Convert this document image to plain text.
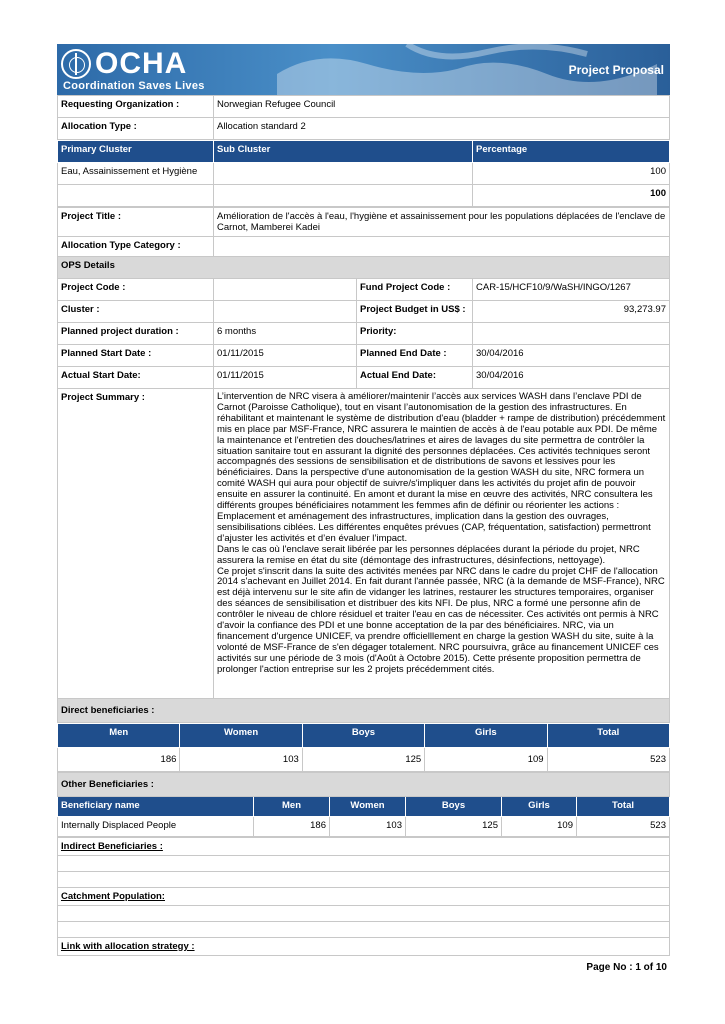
OCHA
Coordination Saves Lives
Project Proposal
Requesting Organization :	Norwegian Refugee Council
Allocation Type :	Allocation standard 2
Primary Cluster	Sub Cluster	Percentage
Eau, Assainissement et Hygiène		100
		100
Project Title :	Amélioration de l'accès à l'eau, l'hygiène et assainissement pour les populations déplacées de l'enclave de Carnot, Mamberei Kadei		
Allocation Type Category :			
OPS Details			
Project Code :		Fund Project Code :	CAR-15/HCF10/9/WaSH/INGO/1267
Cluster :		Project Budget in US$ :	93,273.97
Planned project duration :	6 months	Priority:	
Planned Start Date :	01/11/2015	Planned End Date :	30/04/2016
Actual Start Date:	01/11/2015	Actual End Date:	30/04/2016
Project Summary :	L’intervention de NRC visera à améliorer/maintenir l’accès aux services WASH dans l’enclave PDI de Carnot (Paroisse Catholique), tout en visant l’autonomisation de la gestion des infrastructures. En réhabilitant et maintenant le système de distribution d'eau (bladder + rampe de distribution) précédemment mis en place par MSF-France, NRC assurera le maintien de accès à de l'eau potable aux PDI. De même la maintenance et l'entretien des douches/latrines et aires de lavages du site permettra de contrôler la situation sanitaire tout en assurant la dignité des personnes déplacées. Ces activités techniques seront accompagnés des sessions de sensibilisation et de distributions de savons et lessives pour les bénéficiaires. Dans la perspective d'une autonomisation de la gestion WASH du site, NRC formera un comité WASH qui aura pour objectif de suivre/s'impliquer dans les activités du projet afin de pouvoir ensuite en assurer la continuité. En amont et durant la mise en œuvre des activités, NRC consultera les différents groupes bénéficiaires notamment les femmes afin de définir ou réorienter les actions : Emplacement et aménagement des infrastructures, implication dans la gestion des ouvrages, sensibilisations ciblées. Les différentes enquêtes prévues (CAP, fréquentation, satisfaction) permettront d’ajuster les activités et d’en évaluer l’impact.
Dans le cas où l'enclave serait libérée par les personnes déplacées durant la période du projet, NRC assurera la remise en état du site (démontage des infrastructures, désinfections, nettoyage).
Ce projet s'inscrit dans la suite des activités menées par NRC dans le cadre du projet CHF de l'allocation 2014 s'achevant en Juillet 2014. En fait durant l'année passée, NRC (à la demande de MSF-France), NRC est déjà intervenu sur le site afin de vidanger les latrines, restaurer les structures temporaires, organiser des séances de sensibilisation et distribuer des kits NFI. De plus, NRC a formé une personne afin de contrôler le niveau de chlore résiduel et traiter l'eau en cas de nécessiter. Ces activités ont permis à NRC d'avoir la confiance des PDI et une bonne acceptation de la par des bénéficiaires. NRC, via un financement d'urgence UNICEF, va prendre officielllement en charge la gestion WASH du site, suite à la volonté de MSF-France de s'en dégager totalement. NRC poursuivra, grâce au financement UNICEF ces activités sur une période de 3 mois (d'Août à Octobre 2015). Cette présente proposition permettra de prolonger l'action entreprise sur les 2 projets précédemment cités.		
Direct beneficiaries :			
Men	Women	Boys	Girls	Total
186	103	125	109	523
Other Beneficiaries :					
Beneficiary name	Men	Women	Boys	Girls	Total
Internally Displaced People	186	103	125	109	523
Indirect Beneficiaries :

Catchment Population:

Link with allocation strategy :
Page No : 1 of 10
